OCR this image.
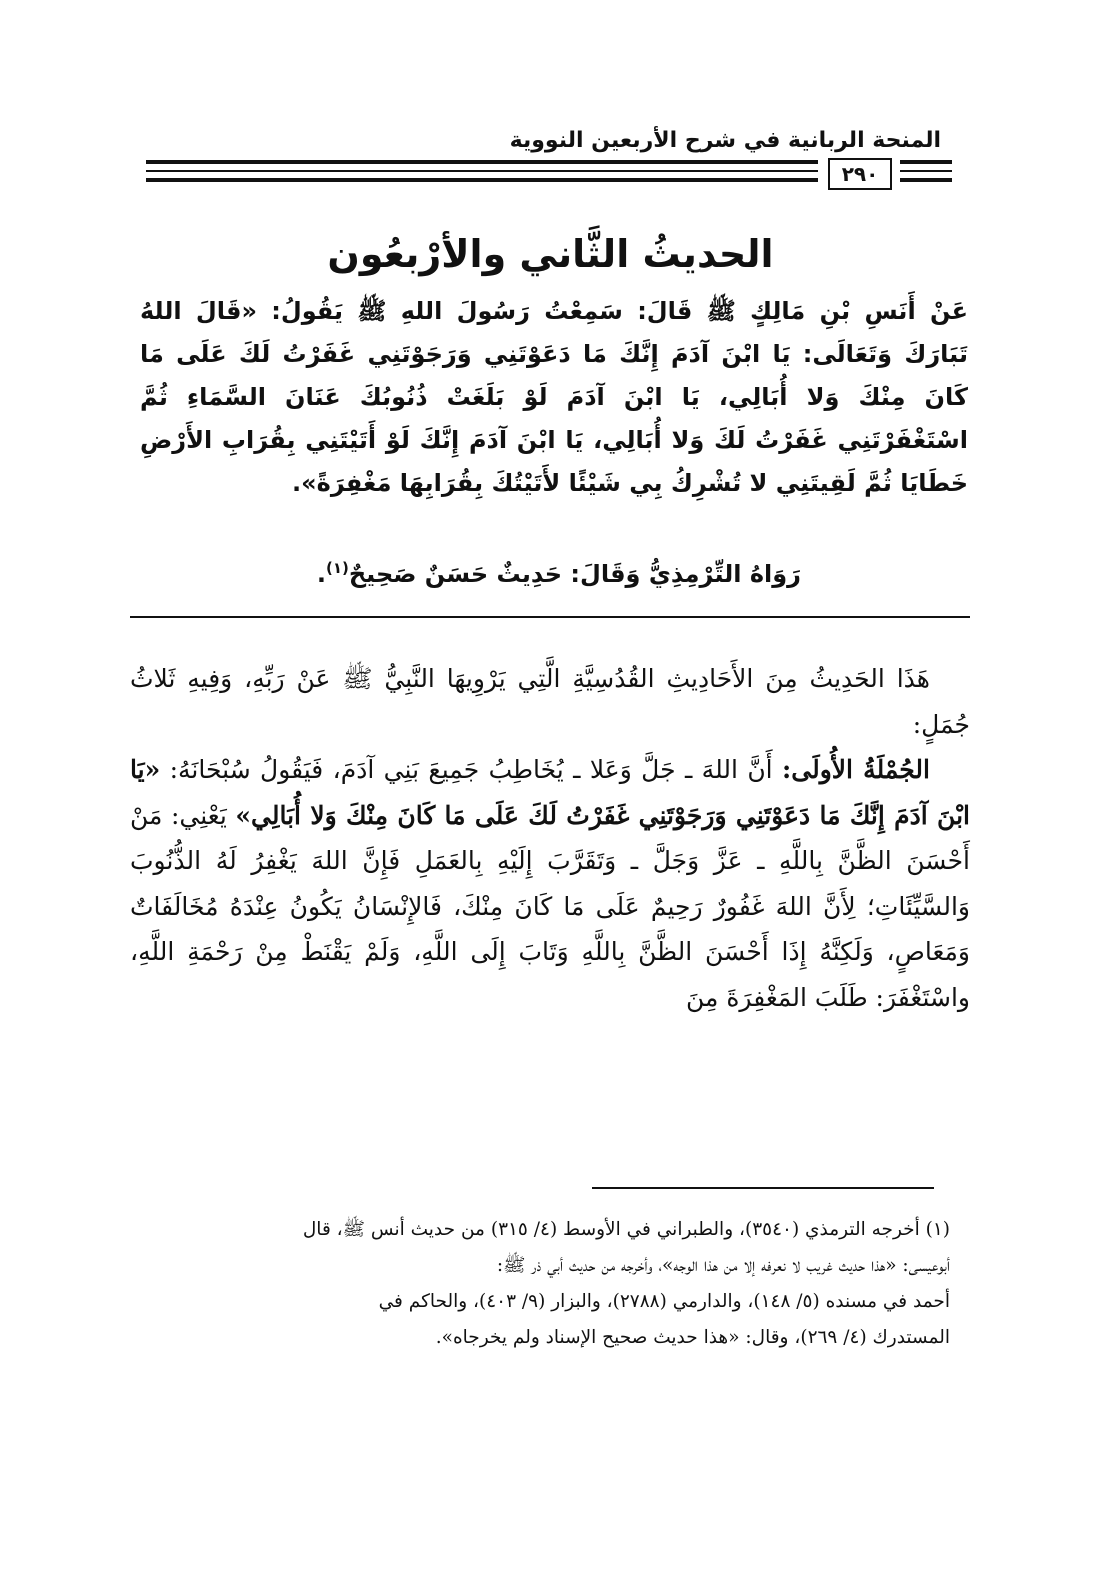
المنحة الربانية في شرح الأربعين النووية
٢٩٠
الحديثُ الثَّاني والأرْبعُون

عَنْ أَنَسِ بْنِ مَالِكٍ ﷺ قَالَ: سَمِعْتُ رَسُولَ اللهِ ﷺ يَقُولُ: «قَالَ اللهُ تَبَارَكَ وَتَعَالَى: يَا ابْنَ آدَمَ إِنَّكَ مَا دَعَوْتَنِي وَرَجَوْتَنِي غَفَرْتُ لَكَ عَلَى مَا كَانَ مِنْكَ وَلا أُبَالِي، يَا ابْنَ آدَمَ لَوْ بَلَغَتْ ذُنُوبُكَ عَنَانَ السَّمَاءِ ثُمَّ اسْتَغْفَرْتَنِي غَفَرْتُ لَكَ وَلا أُبَالِي، يَا ابْنَ آدَمَ إِنَّكَ لَوْ أَتَيْتَنِي بِقُرَابِ الأَرْضِ خَطَايَا ثُمَّ لَقِيتَنِي لا تُشْرِكُ بِي شَيْئًا لأَتَيْتُكَ بِقُرَابِهَا مَغْفِرَةً».

رَوَاهُ التِّرْمِذِيُّ وَقَالَ: حَدِيثٌ حَسَنٌ صَحِيحٌ$^{(١)}$.

هَذَا الحَدِيثُ مِنَ الأَحَادِيثِ القُدُسِيَّةِ الَّتِي يَرْوِيهَا النَّبِيُّ ﷺ عَنْ رَبِّهِ، وَفِيهِ ثَلاثُ جُمَلٍ:

الجُمْلَةُ الأُولَى: أَنَّ اللهَ ـ جَلَّ وَعَلا ـ يُخَاطِبُ جَمِيعَ بَنِي آدَمَ، فَيَقُولُ سُبْحَانَهُ: «يَا ابْنَ آدَمَ إِنَّكَ مَا دَعَوْتَنِي وَرَجَوْتَنِي غَفَرْتُ لَكَ عَلَى مَا كَانَ مِنْكَ وَلا أُبَالِي» يَعْنِي: مَنْ أَحْسَنَ الظَّنَّ بِاللَّهِ ـ عَزَّ وَجَلَّ ـ وَتَقَرَّبَ إِلَيْهِ بِالعَمَلِ فَإِنَّ اللهَ يَغْفِرُ لَهُ الذُّنُوبَ وَالسَّيِّئَاتِ؛ لِأَنَّ اللهَ غَفُورٌ رَحِيمٌ عَلَى مَا كَانَ مِنْكَ، فَالإِنْسَانُ يَكُونُ عِنْدَهُ مُخَالَفَاتٌ وَمَعَاصٍ، وَلَكِنَّهُ إِذَا أَحْسَنَ الظَّنَّ بِاللَّهِ وَتَابَ إِلَى اللَّهِ، وَلَمْ يَقْنَطْ مِنْ رَحْمَةِ اللَّهِ، واسْتَغْفَرَ: طَلَبَ المَغْفِرَةَ مِنَ

(١) أخرجه الترمذي (٣٥٤٠)، والطبراني في الأوسط (٤/ ٣١٥) من حديث أنس ﷺ، قال

أبوعيسى: «هذا حديث غريب لا نعرفه إلا من هذا الوجه»، وأخرجه من حديث أبي ذر ﷺ:

أحمد في مسنده (٥/ ١٤٨)، والدارمي (٢٧٨٨)، والبزار (٩/ ٤٠٣)، والحاكم في

المستدرك (٤/ ٢٦٩)، وقال: «هذا حديث صحيح الإسناد ولم يخرجاه».
